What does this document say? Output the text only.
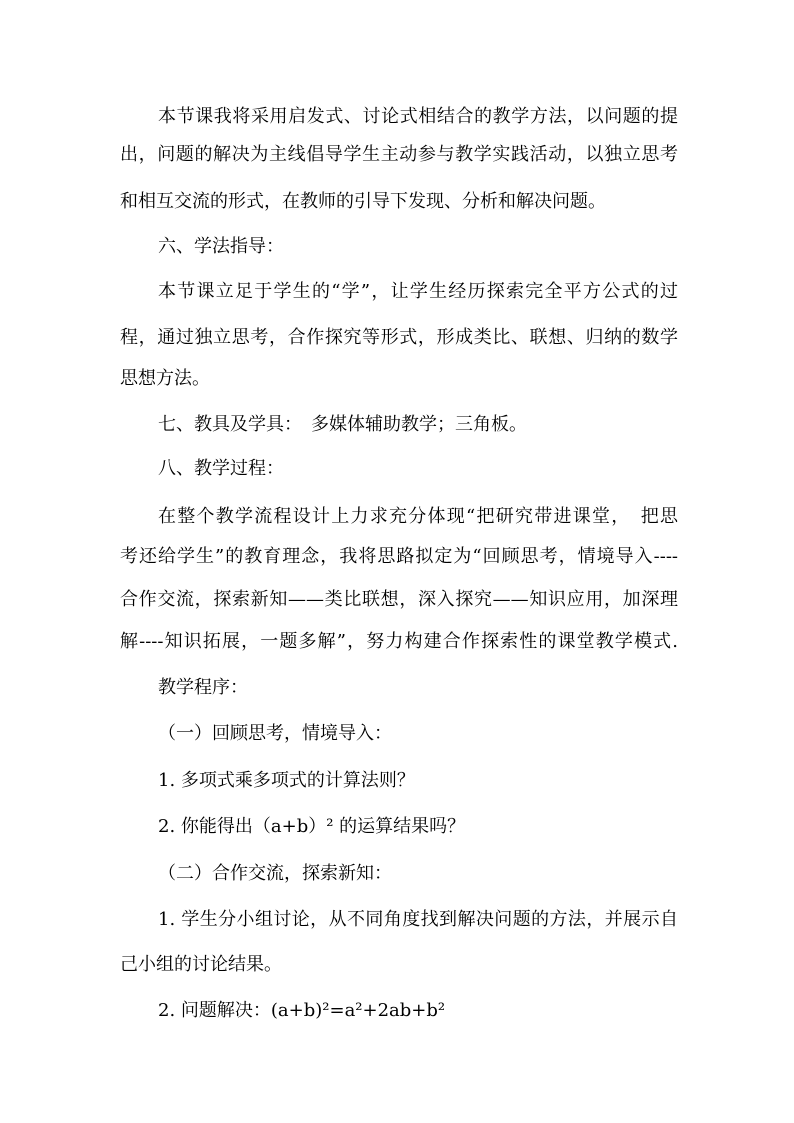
本节课我将采用启发式、讨论式相结合的教学方法，以问题的提
出，问题的解决为主线倡导学生主动参与教学实践活动，以独立思考
和相互交流的形式，在教师的引导下发现、分析和解决问题。
六、学法指导：
本节课立足于学生的“学”，让学生经历探索完全平方公式的过
程，通过独立思考，合作探究等形式，形成类比、联想、归纳的数学
思想方法。
七、教具及学具：　多媒体辅助教学；三角板。
八、教学过程：
在整个教学流程设计上力求充分体现“把研究带进课堂，　把思
考还给学生”的教育理念，我将思路拟定为“回顾思考，情境导入----
合作交流，探索新知——类比联想，深入探究——知识应用，加深理
解----知识拓展，一题多解”，努力构建合作探索性的课堂教学模式.
教学程序：
（一）回顾思考，情境导入：
1. 多项式乘多项式的计算法则？
2. 你能得出（a+b）² 的运算结果吗？
（二）合作交流，探索新知：
1. 学生分小组讨论，从不同角度找到解决问题的方法，并展示自
己小组的讨论结果。
2. 问题解决：(a+b)²=a²+2ab+b²
